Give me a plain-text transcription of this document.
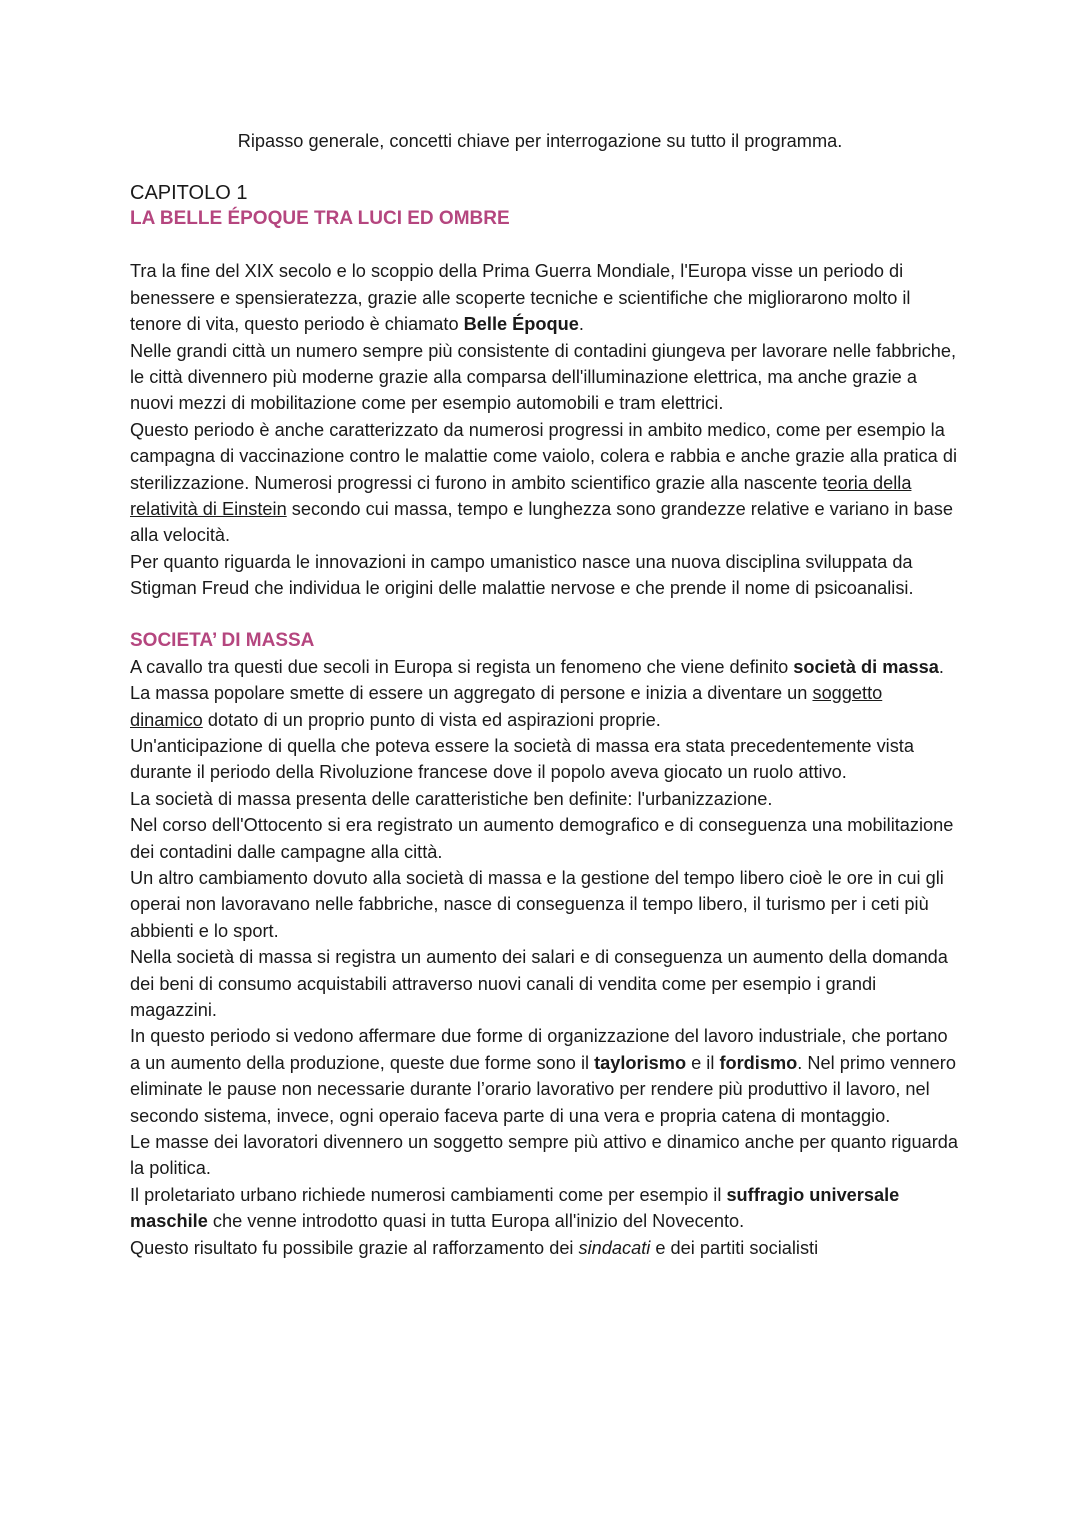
Ripasso generale, concetti chiave per interrogazione su tutto il programma.

CAPITOLO 1

LA BELLE ÉPOQUE TRA LUCI ED OMBRE

Tra la fine del XIX secolo e lo scoppio della Prima Guerra Mondiale, l'Europa visse un periodo di benessere e spensieratezza, grazie alle scoperte tecniche e scientifiche che migliorarono molto il tenore di vita, questo periodo è chiamato Belle Époque.

Nelle grandi città un numero sempre più consistente di contadini giungeva per lavorare nelle fabbriche, le città divennero più moderne grazie alla comparsa dell'illuminazione elettrica, ma anche grazie a nuovi mezzi di mobilitazione come per esempio automobili e tram elettrici.

Questo periodo è anche caratterizzato da numerosi progressi in ambito medico, come per esempio la campagna di vaccinazione contro le malattie come vaiolo, colera e rabbia e anche grazie alla pratica di sterilizzazione. Numerosi progressi ci furono in ambito scientifico grazie alla nascente teoria della relatività di Einstein secondo cui massa, tempo e lunghezza sono grandezze relative e variano in base alla velocità.

Per quanto riguarda le innovazioni in campo umanistico nasce una nuova disciplina sviluppata da Stigman Freud che individua le origini delle malattie nervose e che prende il nome di psicoanalisi.

SOCIETA’ DI MASSA

A cavallo tra questi due secoli in Europa si regista un fenomeno che viene definito società di massa.

La massa popolare smette di essere un aggregato di persone e inizia a diventare un soggetto dinamico dotato di un proprio punto di vista ed aspirazioni proprie.

Un'anticipazione di quella che poteva essere la società di massa era stata precedentemente vista durante il periodo della Rivoluzione francese dove il popolo aveva giocato un ruolo attivo.

La società di massa presenta delle caratteristiche ben definite: l'urbanizzazione.

Nel corso dell'Ottocento si era registrato un aumento demografico e di conseguenza una mobilitazione dei contadini dalle campagne alla città.

Un altro cambiamento dovuto alla società di massa e la gestione del tempo libero cioè le ore in cui gli operai non lavoravano nelle fabbriche, nasce di conseguenza il tempo libero, il turismo per i ceti più abbienti e lo sport.

Nella società di massa si registra un aumento dei salari e di conseguenza un aumento della domanda dei beni di consumo acquistabili attraverso nuovi canali di vendita come per esempio i grandi magazzini.

In questo periodo si vedono affermare due forme di organizzazione del lavoro industriale, che portano a un aumento della produzione, queste due forme sono il taylorismo e il fordismo. Nel primo vennero eliminate le pause non necessarie durante l’orario lavorativo per rendere più produttivo il lavoro, nel secondo sistema, invece, ogni operaio faceva parte di una vera e propria catena di montaggio.

Le masse dei lavoratori divennero un soggetto sempre più attivo e dinamico anche per quanto riguarda la politica.

Il proletariato urbano richiede numerosi cambiamenti come per esempio il suffragio universale maschile che venne introdotto quasi in tutta Europa all'inizio del Novecento.

Questo risultato fu possibile grazie al rafforzamento dei sindacati e dei partiti socialisti
